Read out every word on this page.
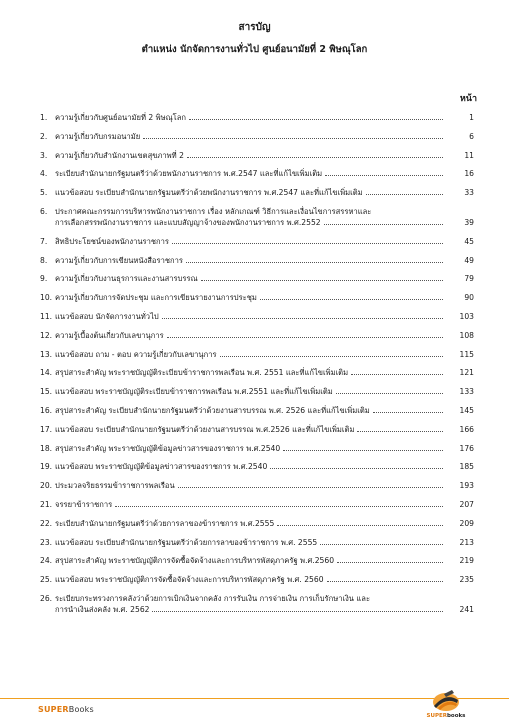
สารบัญ
ตำแหน่ง นักจัดการงานทั่วไป ศูนย์อนามัยที่ 2 พิษณุโลก
หน้า
1.	ความรู้เกี่ยวกับศูนย์อนามัยที่ 2 พิษณุโลก	1
2.	ความรู้เกี่ยวกับกรมอนามัย	6
3.	ความรู้เกี่ยวกับสำนักงานเขตสุขภาพที่ 2	11
4.	ระเบียบสำนักนายกรัฐมนตรีว่าด้วยพนักงานราชการ พ.ศ.2547 และที่แก้ไขเพิ่มเติม	16
5.	แนวข้อสอบ ระเบียบสำนักนายกรัฐมนตรีว่าด้วยพนักงานราชการ พ.ศ.2547 และที่แก้ไขเพิ่มเติม	33
6.	ประกาศคณะกรรมการบริหารพนักงานราชการ เรื่อง หลักเกณฑ์ วิธีการและเงื่อนไขการสรรหาและ
การเลือกสรรพนักงานราชการ และแบบสัญญาจ้างของพนักงานราชการ พ.ศ.2552	39
7.	สิทธิประโยชน์ของพนักงานราชการ	45
8.	ความรู้เกี่ยวกับการเขียนหนังสือราชการ	49
9.	ความรู้เกี่ยวกับงานธุรการและงานสารบรรณ	79
10. ความรู้เกี่ยวกับการจัดประชุม และการเขียนรายงานการประชุม	90
11. แนวข้อสอบ นักจัดการงานทั่วไป	103
12. ความรู้เบื้องต้นเกี่ยวกับเลขานุการ	108
13. แนวข้อสอบ ถาม - ตอบ ความรู้เกี่ยวกับเลขานุการ	115
14. สรุปสาระสำคัญ พระราชบัญญัติระเบียบข้าราชการพลเรือน พ.ศ. 2551 และที่แก้ไขเพิ่มเติม	121
15. แนวข้อสอบ พระราชบัญญัติระเบียบข้าราชการพลเรือน พ.ศ.2551 และที่แก้ไขเพิ่มเติม	133
16. สรุปสาระสำคัญ ระเบียบสำนักนายกรัฐมนตรีว่าด้วยงานสารบรรณ พ.ศ. 2526 และที่แก้ไขเพิ่มเติม	145
17. แนวข้อสอบ ระเบียบสำนักนายกรัฐมนตรีว่าด้วยงานสารบรรณ พ.ศ.2526 และที่แก้ไขเพิ่มเติม	166
18. สรุปสาระสำคัญ พระราชบัญญัติข้อมูลข่าวสารของราชการ พ.ศ.2540	176
19. แนวข้อสอบ พระราชบัญญัติข้อมูลข่าวสารของราชการ พ.ศ.2540	185
20. ประมวลจริยธรรมข้าราชการพลเรือน	193
21. จรรยาข้าราชการ	207
22. ระเบียบสำนักนายกรัฐมนตรีว่าด้วยการลาของข้าราชการ พ.ศ.2555	209
23. แนวข้อสอบ ระเบียบสำนักนายกรัฐมนตรีว่าด้วยการลาของข้าราชการ พ.ศ. 2555	213
24. สรุปสาระสำคัญ พระราชบัญญัติการจัดซื้อจัดจ้างและการบริหารพัสดุภาครัฐ พ.ศ.2560	219
25. แนวข้อสอบ พระราชบัญญัติการจัดซื้อจัดจ้างและการบริหารพัสดุภาครัฐ พ.ศ. 2560	235
26. ระเบียบกระทรวงการคลังว่าด้วยการเบิกเงินจากคลัง การรับเงิน การจ่ายเงิน การเก็บรักษาเงิน และ
การนำเงินส่งคลัง พ.ศ. 2562	241
SUPERBooks
SUPERbooks
